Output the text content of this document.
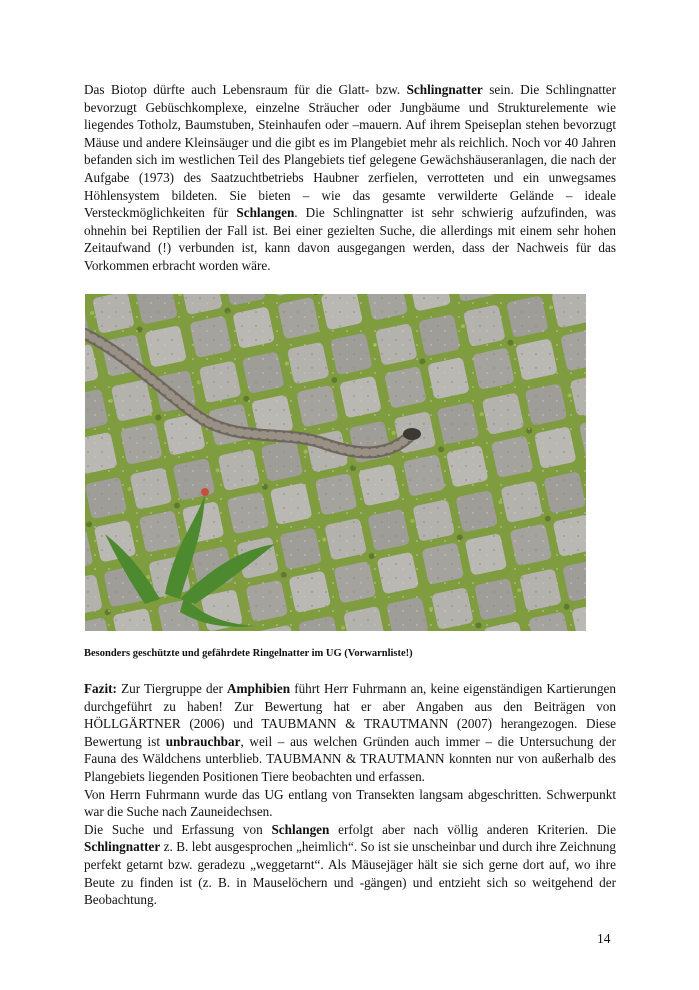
Das Biotop dürfte auch Lebensraum für die Glatt- bzw. Schlingnatter sein. Die Schlingnatter bevorzugt Gebüschkomplexe, einzelne Sträucher oder Jungbäume und Strukturelemente wie liegendes Totholz, Baumstuben, Steinhaufen oder –mauern. Auf ihrem Speiseplan stehen bevorzugt Mäuse und andere Kleinsäuger und die gibt es im Plangebiet mehr als reichlich. Noch vor 40 Jahren befanden sich im westlichen Teil des Plangebiets tief gelegene Gewächshäuseranlagen, die nach der Aufgabe (1973) des Saatzuchtbetriebs Haubner zerfielen, verrotteten und ein unwegsames Höhlensystem bildeten. Sie bieten – wie das gesamte verwilderte Gelände – ideale Versteckmöglichkeiten für Schlangen. Die Schlingnatter ist sehr schwierig aufzufinden, was ohnehin bei Reptilien der Fall ist. Bei einer gezielten Suche, die allerdings mit einem sehr hohen Zeitaufwand (!) verbunden ist, kann davon ausgegangen werden, dass der Nachweis für das Vorkommen erbracht worden wäre.

Besonders geschützte und gefährdete Ringelnatter im UG (Vorwarnliste!)

Fazit: Zur Tiergruppe der Amphibien führt Herr Fuhrmann an, keine eigenständigen Kartierungen durchgeführt zu haben! Zur Bewertung hat er aber Angaben aus den Beiträgen von HÖLLGÄRTNER (2006) und TAUBMANN & TRAUTMANN (2007) herangezogen. Diese Bewertung ist unbrauchbar, weil – aus welchen Gründen auch immer – die Untersuchung der Fauna des Wäldchens unterblieb. TAUBMANN & TRAUTMANN konnten nur von außerhalb des Plangebiets liegenden Positionen Tiere beobachten und erfassen.
Von Herrn Fuhrmann wurde das UG entlang von Transekten langsam abgeschritten. Schwerpunkt war die Suche nach Zauneidechsen.
Die Suche und Erfassung von Schlangen erfolgt aber nach völlig anderen Kriterien. Die Schlingnatter z. B. lebt ausgesprochen „heimlich“. So ist sie unscheinbar und durch ihre Zeichnung perfekt getarnt bzw. geradezu „weggetarnt“. Als Mäusejäger hält sie sich gerne dort auf, wo ihre Beute zu finden ist (z. B. in Mauselöchern und -gängen) und entzieht sich so weitgehend der Beobachtung.

14
